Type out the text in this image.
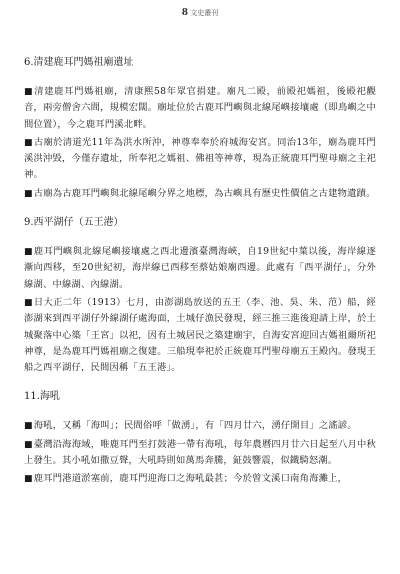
8 文史叢刊
6.清建鹿耳門媽祖廟遺址
■清建鹿耳門媽祖廟，清康熙58年眾官捐建。廟凡二殿，前殿祀媽祖，後殿祀觀音，兩旁僧舍六間，規模宏闊。廟址位於古鹿耳門嶼與北線尾嶼接壤處（即鳥嶼之中間位置），今之鹿耳門溪北畔。
■古廟於清道光11年為洪水所沖，神尊奉奉於府城海安宮。同治13年，廟為鹿耳門溪洪沖毀，今僅存遺址，所奉祀之媽祖、佛祖等神尊，現為正統鹿耳門聖母廟之主祀神。
■古廟為古鹿耳門嶼與北線尾嶼分界之地標，為古嶼具有歷史性價值之古建物遺蹟。
9.西平湖仔（五王港）
■鹿耳門嶼與北線尾嶼接壤處之西北邊濱臺灣海峽，自19世紀中葉以後，海岸線逐漸向西移，至20世紀初，海岸線已西移至蔡姑娘廟西邊。此處有「西平湖仔」，分外線湖、中線湖、內線湖。
■日大正二年（1913）七月，由澎湖島放送的五王（李、池、吳、朱、范）船，經澎湖來到西平湖仔外線湖仔處海面，土城仔漁民發現，經三推三進後迎請上岸，於土城聚落中心築「王宮」以祀，因有土城居民之築建廟宇，自海安宮迎回古媽祖爾所祀神尊，是為鹿耳門媽祖廟之復建。三船現奉祀於正統鹿耳門聖母廟五王殿內。發現王船之西平湖仔，民間因稱「五王港」。
11.海吼
■海吼，又稱「海叫」；民間俗呼「做湧」，有「四月廿六，湧仔開目」之謠諺。
■臺灣沿海海域，唯鹿耳門至打鼓港一帶有海吼，每年農曆四月廿六日起至八月中秋上發生。其小吼如撒豆聲，大吼時則如萬馬奔騰，鉦鼓響震，似鐵騎怒潮。
■鹿耳門港道淤塞前，鹿耳門迎海口之海吼最甚；今於曾文溪口南角海灘上，
